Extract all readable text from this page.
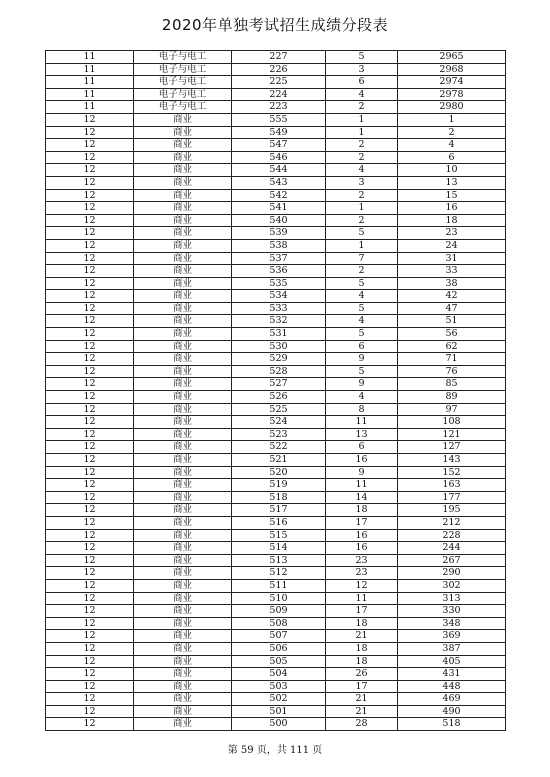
2020年单独考试招生成绩分段表
11	电子与电工	227	5	2965
11	电子与电工	226	3	2968
11	电子与电工	225	6	2974
11	电子与电工	224	4	2978
11	电子与电工	223	2	2980
12	商业	555	1	1
12	商业	549	1	2
12	商业	547	2	4
12	商业	546	2	6
12	商业	544	4	10
12	商业	543	3	13
12	商业	542	2	15
12	商业	541	1	16
12	商业	540	2	18
12	商业	539	5	23
12	商业	538	1	24
12	商业	537	7	31
12	商业	536	2	33
12	商业	535	5	38
12	商业	534	4	42
12	商业	533	5	47
12	商业	532	4	51
12	商业	531	5	56
12	商业	530	6	62
12	商业	529	9	71
12	商业	528	5	76
12	商业	527	9	85
12	商业	526	4	89
12	商业	525	8	97
12	商业	524	11	108
12	商业	523	13	121
12	商业	522	6	127
12	商业	521	16	143
12	商业	520	9	152
12	商业	519	11	163
12	商业	518	14	177
12	商业	517	18	195
12	商业	516	17	212
12	商业	515	16	228
12	商业	514	16	244
12	商业	513	23	267
12	商业	512	23	290
12	商业	511	12	302
12	商业	510	11	313
12	商业	509	17	330
12	商业	508	18	348
12	商业	507	21	369
12	商业	506	18	387
12	商业	505	18	405
12	商业	504	26	431
12	商业	503	17	448
12	商业	502	21	469
12	商业	501	21	490
12	商业	500	28	518
第 59 页，共 111 页
